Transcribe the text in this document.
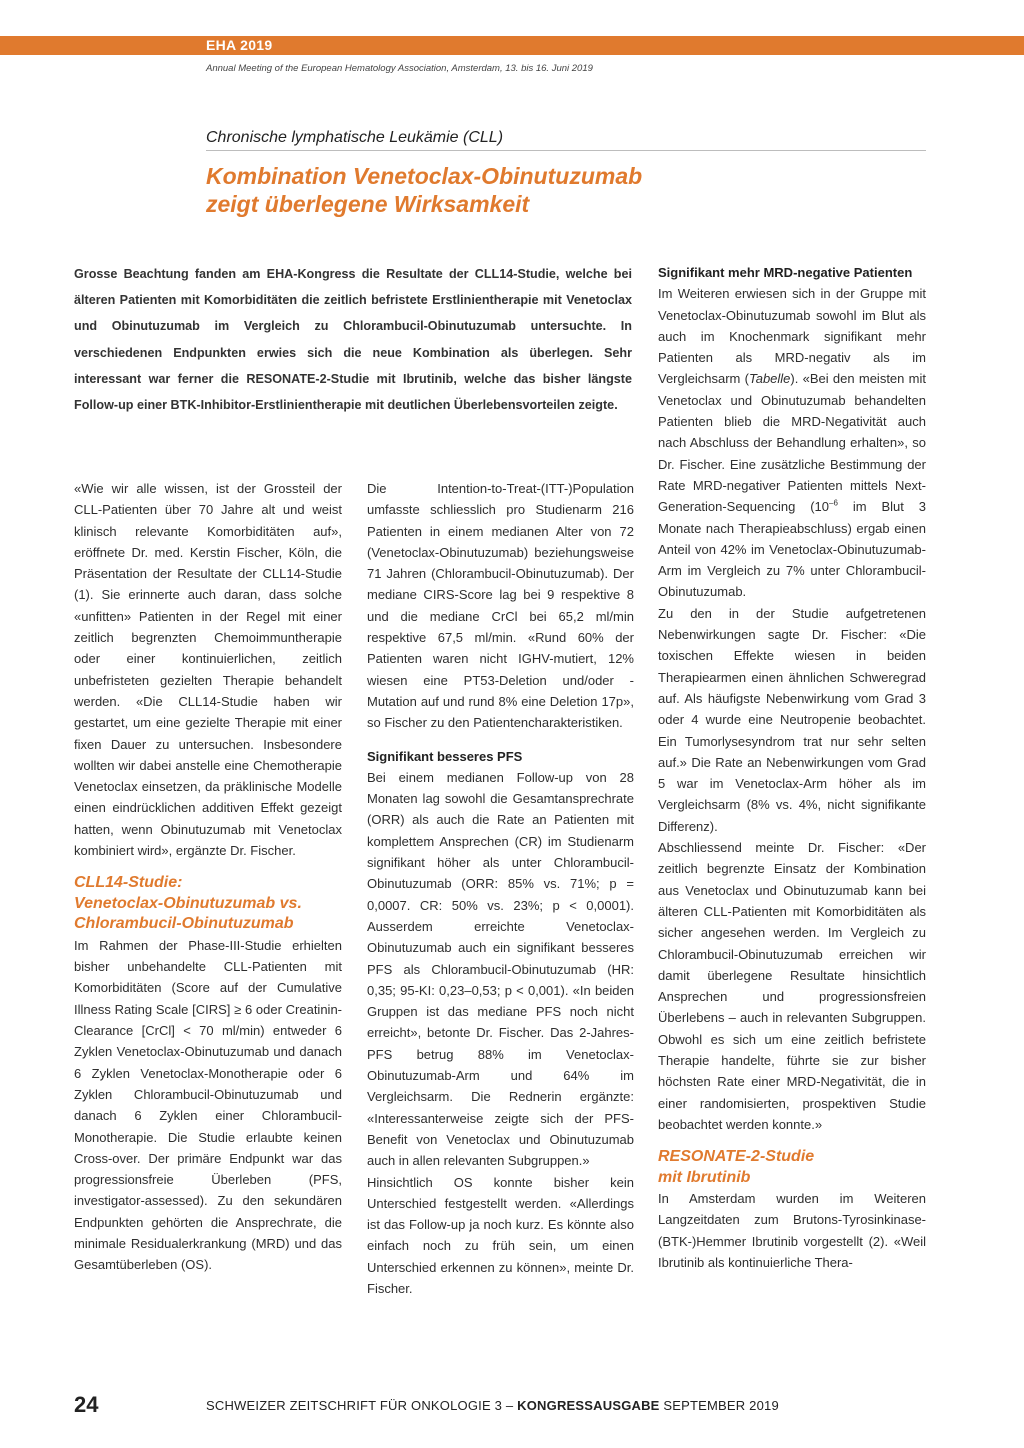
EHA 2019
Annual Meeting of the European Hematology Association, Amsterdam, 13. bis 16. Juni 2019
Chronische lymphatische Leukämie (CLL)
Kombination Venetoclax-Obinutuzumab
zeigt überlegene Wirksamkeit
Grosse Beachtung fanden am EHA-Kongress die Resultate der CLL14-Studie, welche bei älteren Patienten mit Komorbiditäten die zeitlich befristete Erstlinientherapie mit Venetoclax und Obinutuzumab im Vergleich zu Chlorambucil-Obinutuzumab untersuchte. In verschiedenen Endpunkten erwies sich die neue Kombination als überlegen. Sehr interessant war ferner die RESONATE-2-Studie mit Ibrutinib, welche das bisher längste Follow-up einer BTK-Inhibitor-Erstlinientherapie mit deutlichen Überlebensvorteilen zeigte.

«Wie wir alle wissen, ist der Grossteil der CLL-Patienten über 70 Jahre alt und weist klinisch relevante Komorbiditäten auf», eröffnete Dr. med. Kerstin Fischer, Köln, die Präsentation der Resultate der CLL14-Studie (1). Sie erinnerte auch daran, dass solche «unfitten» Patienten in der Regel mit einer zeitlich begrenzten Chemoimmuntherapie oder einer kontinuierlichen, zeitlich unbefristeten gezielten Therapie behandelt werden. «Die CLL14-Studie haben wir gestartet, um eine gezielte Therapie mit einer fixen Dauer zu untersuchen. Insbesondere wollten wir dabei anstelle eine Chemotherapie Venetoclax einsetzen, da präklinische Modelle einen eindrücklichen additiven Effekt gezeigt hatten, wenn Obinutuzumab mit Venetoclax kombiniert wird», ergänzte Dr. Fischer.

CLL14-Studie:
Venetoclax-Obinutuzumab vs.
Chlorambucil-Obinutuzumab

Im Rahmen der Phase-III-Studie erhielten bisher unbehandelte CLL-Patienten mit Komorbiditäten (Score auf der Cumulative Illness Rating Scale [CIRS] ≥ 6 oder Creatinin-Clearance [CrCl] < 70 ml/min) entweder 6 Zyklen Venetoclax-Obinutuzumab und danach 6 Zyklen Venetoclax-Monotherapie oder 6 Zyklen Chlorambucil-Obinutuzumab und danach 6 Zyklen einer Chlorambucil-Monotherapie. Die Studie erlaubte keinen Cross-over. Der primäre Endpunkt war das progressionsfreie Überleben (PFS, investigator-assessed). Zu den sekundären Endpunkten gehörten die Ansprechrate, die minimale Residualerkrankung (MRD) und das Gesamtüberleben (OS).

Die Intention-to-Treat-(ITT-)Population umfasste schliesslich pro Studienarm 216 Patienten in einem medianen Alter von 72 (Venetoclax-Obinutuzumab) beziehungsweise 71 Jahren (Chlorambucil-Obinutuzumab). Der mediane CIRS-Score lag bei 9 respektive 8 und die mediane CrCl bei 65,2 ml/min respektive 67,5 ml/min. «Rund 60% der Patienten waren nicht IGHV-mutiert, 12% wiesen eine PT53-Deletion und/oder -Mutation auf und rund 8% eine Deletion 17p», so Fischer zu den Patientencharakteristiken.

Signifikant besseres PFS

Bei einem medianen Follow-up von 28 Monaten lag sowohl die Gesamtansprechrate (ORR) als auch die Rate an Patienten mit komplettem Ansprechen (CR) im Studienarm signifikant höher als unter Chlorambucil-Obinutuzumab (ORR: 85% vs. 71%; p = 0,0007. CR: 50% vs. 23%; p < 0,0001). Ausserdem erreichte Venetoclax-Obinutuzumab auch ein signifikant besseres PFS als Chlorambucil-Obinutuzumab (HR: 0,35; 95-KI: 0,23–0,53; p < 0,001). «In beiden Gruppen ist das mediane PFS noch nicht erreicht», betonte Dr. Fischer. Das 2-Jahres-PFS betrug 88% im Venetoclax-Obinutuzumab-Arm und 64% im Vergleichsarm. Die Rednerin ergänzte: «Interessanterweise zeigte sich der PFS-Benefit von Venetoclax und Obinutuzumab auch in allen relevanten Subgruppen.»

Hinsichtlich OS konnte bisher kein Unterschied festgestellt werden. «Allerdings ist das Follow-up ja noch kurz. Es könnte also einfach noch zu früh sein, um einen Unterschied erkennen zu können», meinte Dr. Fischer.

Signifikant mehr MRD-negative Patienten

Im Weiteren erwiesen sich in der Gruppe mit Venetoclax-Obinutuzumab sowohl im Blut als auch im Knochenmark signifikant mehr Patienten als MRD-negativ als im Vergleichsarm (Tabelle). «Bei den meisten mit Venetoclax und Obinutuzumab behandelten Patienten blieb die MRD-Negativität auch nach Abschluss der Behandlung erhalten», so Dr. Fischer. Eine zusätzliche Bestimmung der Rate MRD-negativer Patienten mittels Next-Generation-Sequencing ($10^{-6}$ im Blut 3 Monate nach Therapieabschluss) ergab einen Anteil von 42% im Venetoclax-Obinutuzumab-Arm im Vergleich zu 7% unter Chlorambucil-Obinutuzumab.

Zu den in der Studie aufgetretenen Nebenwirkungen sagte Dr. Fischer: «Die toxischen Effekte wiesen in beiden Therapiearmen einen ähnlichen Schweregrad auf. Als häufigste Nebenwirkung vom Grad 3 oder 4 wurde eine Neutropenie beobachtet. Ein Tumorlysesyndrom trat nur sehr selten auf.» Die Rate an Nebenwirkungen vom Grad 5 war im Venetoclax-Arm höher als im Vergleichsarm (8% vs. 4%, nicht signifikante Differenz).

Abschliessend meinte Dr. Fischer: «Der zeitlich begrenzte Einsatz der Kombination aus Venetoclax und Obinutuzumab kann bei älteren CLL-Patienten mit Komorbiditäten als sicher angesehen werden. Im Vergleich zu Chlorambucil-Obinutuzumab erreichen wir damit überlegene Resultate hinsichtlich Ansprechen und progressionsfreien Überlebens – auch in relevanten Subgruppen. Obwohl es sich um eine zeitlich befristete Therapie handelte, führte sie zur bisher höchsten Rate einer MRD-Negativität, die in einer randomisierten, prospektiven Studie beobachtet werden konnte.»

RESONATE-2-Studie
mit Ibrutinib

In Amsterdam wurden im Weiteren Langzeitdaten zum Brutons-Tyrosinkinase-(BTK-)Hemmer Ibrutinib vorgestellt (2). «Weil Ibrutinib als kontinuierliche Thera-

24	SCHWEIZER ZEITSCHRIFT FÜR ONKOLOGIE 3 – KONGRESSAUSGABE SEPTEMBER 2019
